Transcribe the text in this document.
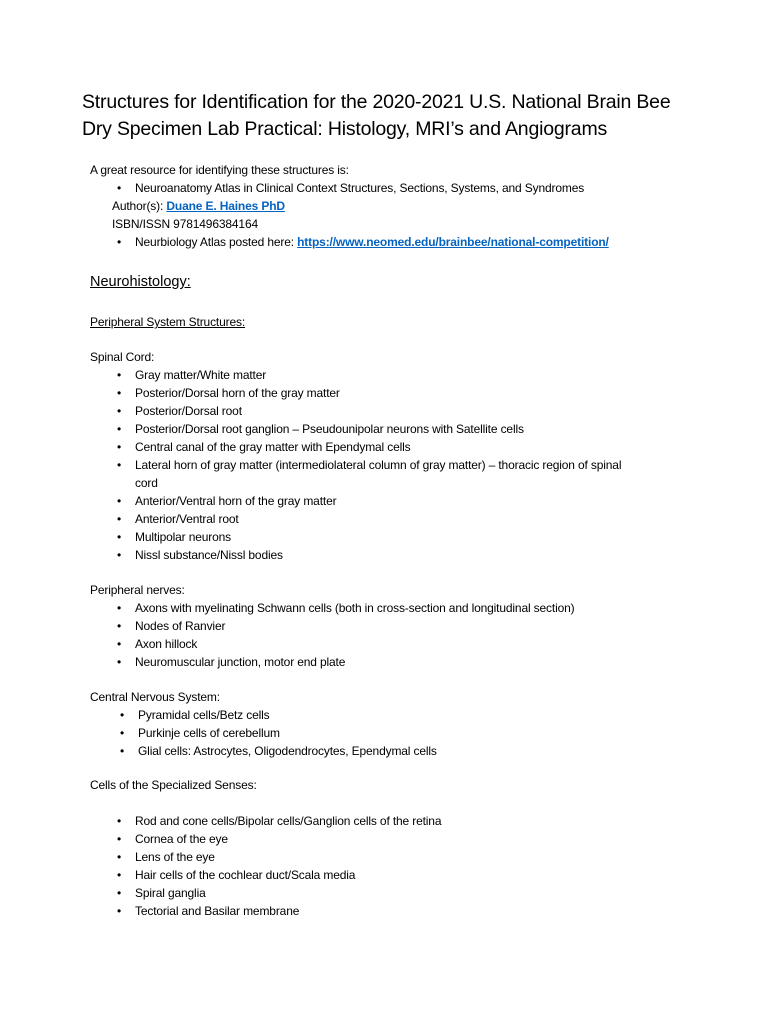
Structures for Identification for the 2020-2021 U.S. National Brain Bee
Dry Specimen Lab Practical: Histology, MRI’s and Angiograms
A great resource for identifying these structures is:
• Neuroanatomy Atlas in Clinical Context Structures, Sections, Systems, and Syndromes
Author(s): Duane E. Haines PhD
ISBN/ISSN 9781496384164
• Neurbiology Atlas posted here: https://www.neomed.edu/brainbee/national-competition/
Neurohistology:
Peripheral System Structures:
Spinal Cord:
• Gray matter/White matter
• Posterior/Dorsal horn of the gray matter
• Posterior/Dorsal root
• Posterior/Dorsal root ganglion – Pseudounipolar neurons with Satellite cells
• Central canal of the gray matter with Ependymal cells
• Lateral horn of gray matter (intermediolateral column of gray matter) – thoracic region of spinal
cord
• Anterior/Ventral horn of the gray matter
• Anterior/Ventral root
• Multipolar neurons
• Nissl substance/Nissl bodies
Peripheral nerves:
• Axons with myelinating Schwann cells (both in cross-section and longitudinal section)
• Nodes of Ranvier
• Axon hillock
• Neuromuscular junction, motor end plate
Central Nervous System:
• Pyramidal cells/Betz cells
• Purkinje cells of cerebellum
• Glial cells: Astrocytes, Oligodendrocytes, Ependymal cells
Cells of the Specialized Senses:
• Rod and cone cells/Bipolar cells/Ganglion cells of the retina
• Cornea of the eye
• Lens of the eye
• Hair cells of the cochlear duct/Scala media
• Spiral ganglia
• Tectorial and Basilar membrane
